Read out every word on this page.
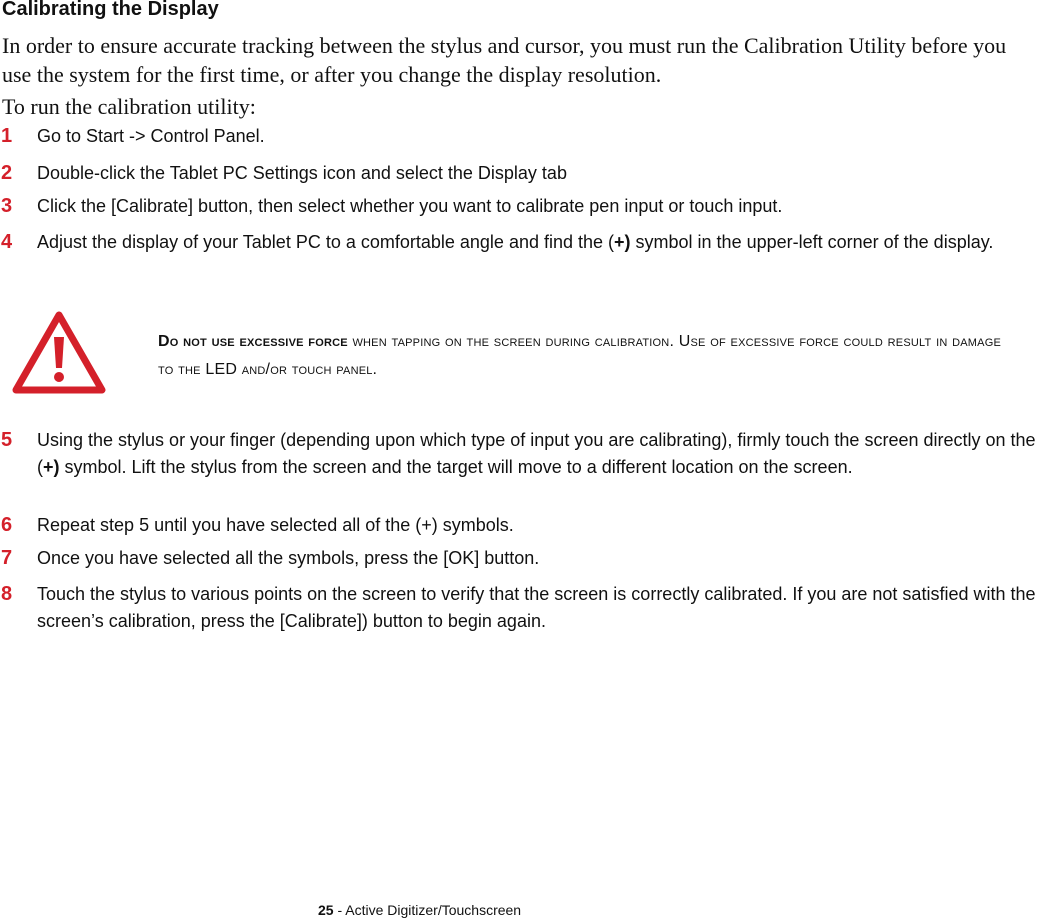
Calibrating the Display

In order to ensure accurate tracking between the stylus and cursor, you must run the Calibration Utility before you use the system for the first time, or after you change the display resolution.

To run the calibration utility:

1 Go to Start -> Control Panel.
2 Double-click the Tablet PC Settings icon and select the Display tab
3 Click the [Calibrate] button, then select whether you want to calibrate pen input or touch input.
4 Adjust the display of your Tablet PC to a comfortable angle and find the (+) symbol in the upper-left corner of the display.
Do not use excessive force when tapping on the screen during calibration. Use of excessive force could result in damage to the LED and/or touch panel.
5 Using the stylus or your finger (depending upon which type of input you are calibrating), firmly touch the screen directly on the (+) symbol. Lift the stylus from the screen and the target will move to a different location on the screen.
6 Repeat step 5 until you have selected all of the (+) symbols.
7 Once you have selected all the symbols, press the [OK] button.
8 Touch the stylus to various points on the screen to verify that the screen is correctly calibrated. If you are not satisfied with the screen’s calibration, press the [Calibrate]) button to begin again.
25 - Active Digitizer/Touchscreen
